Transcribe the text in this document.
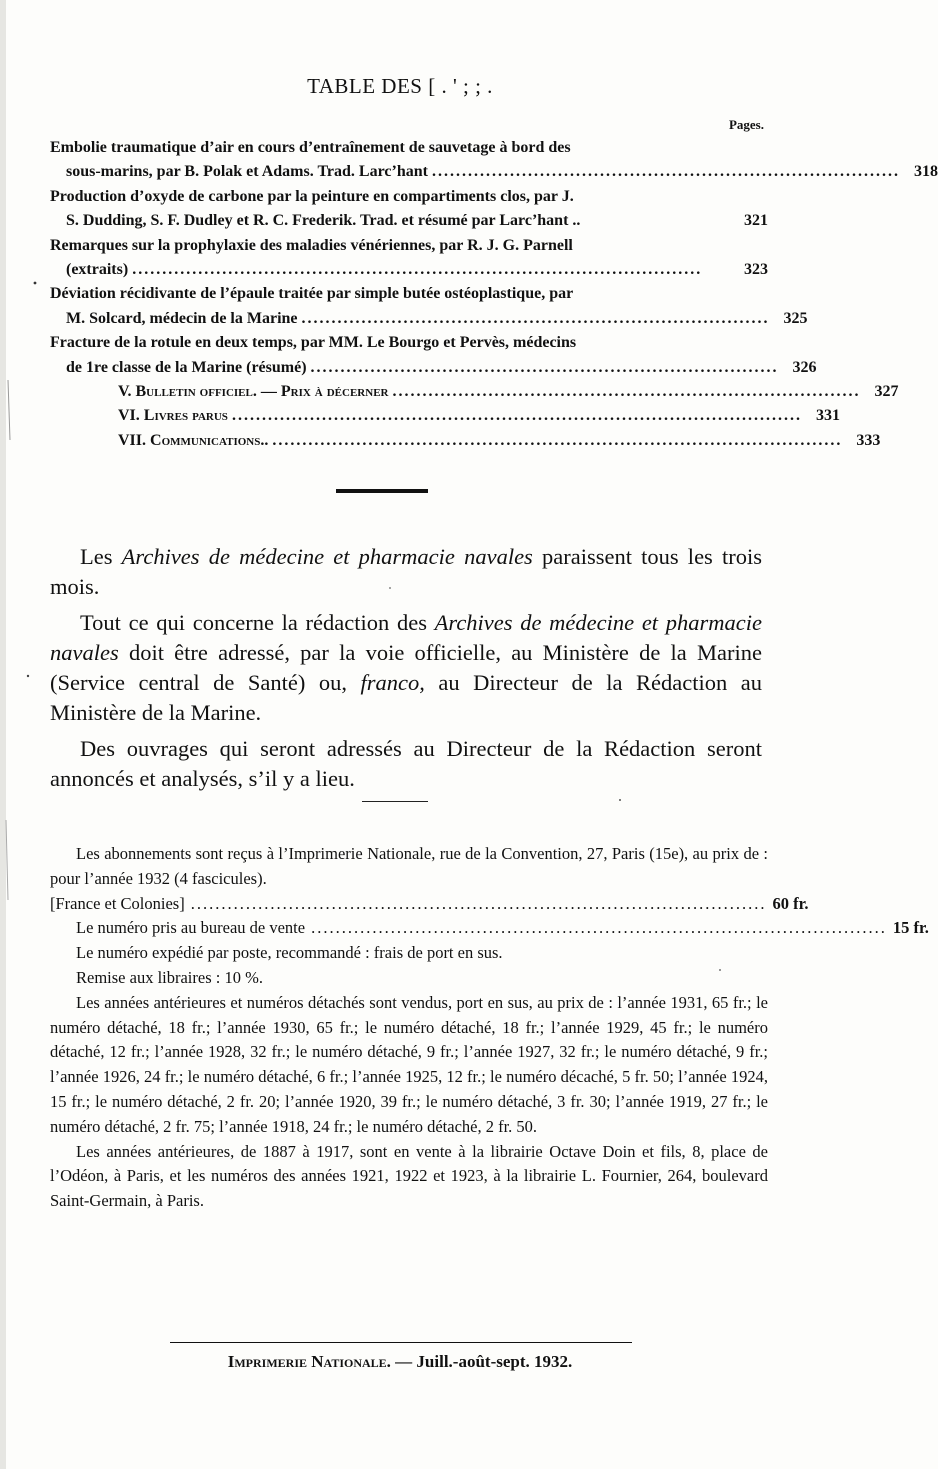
TABLE DES [ . ' ; ; .
Pages.
Embolie traumatique d’air en cours d’entraînement de sauvetage à bord des
sous-marins, par B. Polak et Adams. Trad. Larc’hant .............................................................................. 318
Production d’oxyde de carbone par la peinture en compartiments clos, par J.
S. Dudding, S. F. Dudley et R. C. Frederik. Trad. et résumé par Larc’hant ..	321
Remarques sur la prophylaxie des maladies vénériennes, par R. J. G. Parnell
(extraits) ...............................................................................................	323
Déviation récidivante de l’épaule traitée par simple butée ostéoplastique, par
M. Solcard, médecin de la Marine .............................................................................. 325
Fracture de la rotule en deux temps, par MM. Le Bourgo et Pervès, médecins
de 1re classe de la Marine (résumé) .............................................................................. 326
V. Bulletin officiel. — Prix à décerner .............................................................................. 327
VI. Livres parus ............................................................................................... 331
VII. Communications.. ............................................................................................... 333

Les Archives de médecine et pharmacie navales paraissent tous les trois mois.

Tout ce qui concerne la rédaction des Archives de médecine et pharmacie navales doit être adressé, par la voie officielle, au Ministère de la Marine (Service central de Santé) ou, franco, au Directeur de la Rédaction au Ministère de la Marine.

Des ouvrages qui seront adressés au Directeur de la Rédaction seront annoncés et analysés, s’il y a lieu.

Les abonnements sont reçus à l’Imprimerie Nationale, rue de la Convention, 27, Paris (15e), au prix de : pour l’année 1932 (4 fascicules).

[France et Colonies] .............................................................................................. 60 fr.
Le numéro pris au bureau de vente .............................................................................................. 15 fr.
Le numéro expédié par poste, recommandé : frais de port en sus.
Remise aux libraires : 10 %.

Les années antérieures et numéros détachés sont vendus, port en sus, au prix de : l’année 1931, 65 fr.; le numéro détaché, 18 fr.; l’année 1930, 65 fr.; le numéro détaché, 18 fr.; l’année 1929, 45 fr.; le numéro détaché, 12 fr.; l’année 1928, 32 fr.; le numéro détaché, 9 fr.; l’année 1927, 32 fr.; le numéro détaché, 9 fr.; l’année 1926, 24 fr.; le numéro détaché, 6 fr.; l’année 1925, 12 fr.; le numéro décaché, 5 fr. 50; l’année 1924, 15 fr.; le numéro détaché, 2 fr. 20; l’année 1920, 39 fr.; le numéro détaché, 3 fr. 30; l’année 1919, 27 fr.; le numéro détaché, 2 fr. 75; l’année 1918, 24 fr.; le numéro détaché, 2 fr. 50.

Les années antérieures, de 1887 à 1917, sont en vente à la librairie Octave Doin et fils, 8, place de l’Odéon, à Paris, et les numéros des années 1921, 1922 et 1923, à la librairie L. Fournier, 264, boulevard Saint-Germain, à Paris.

Imprimerie Nationale. — Juill.-août-sept. 1932.
